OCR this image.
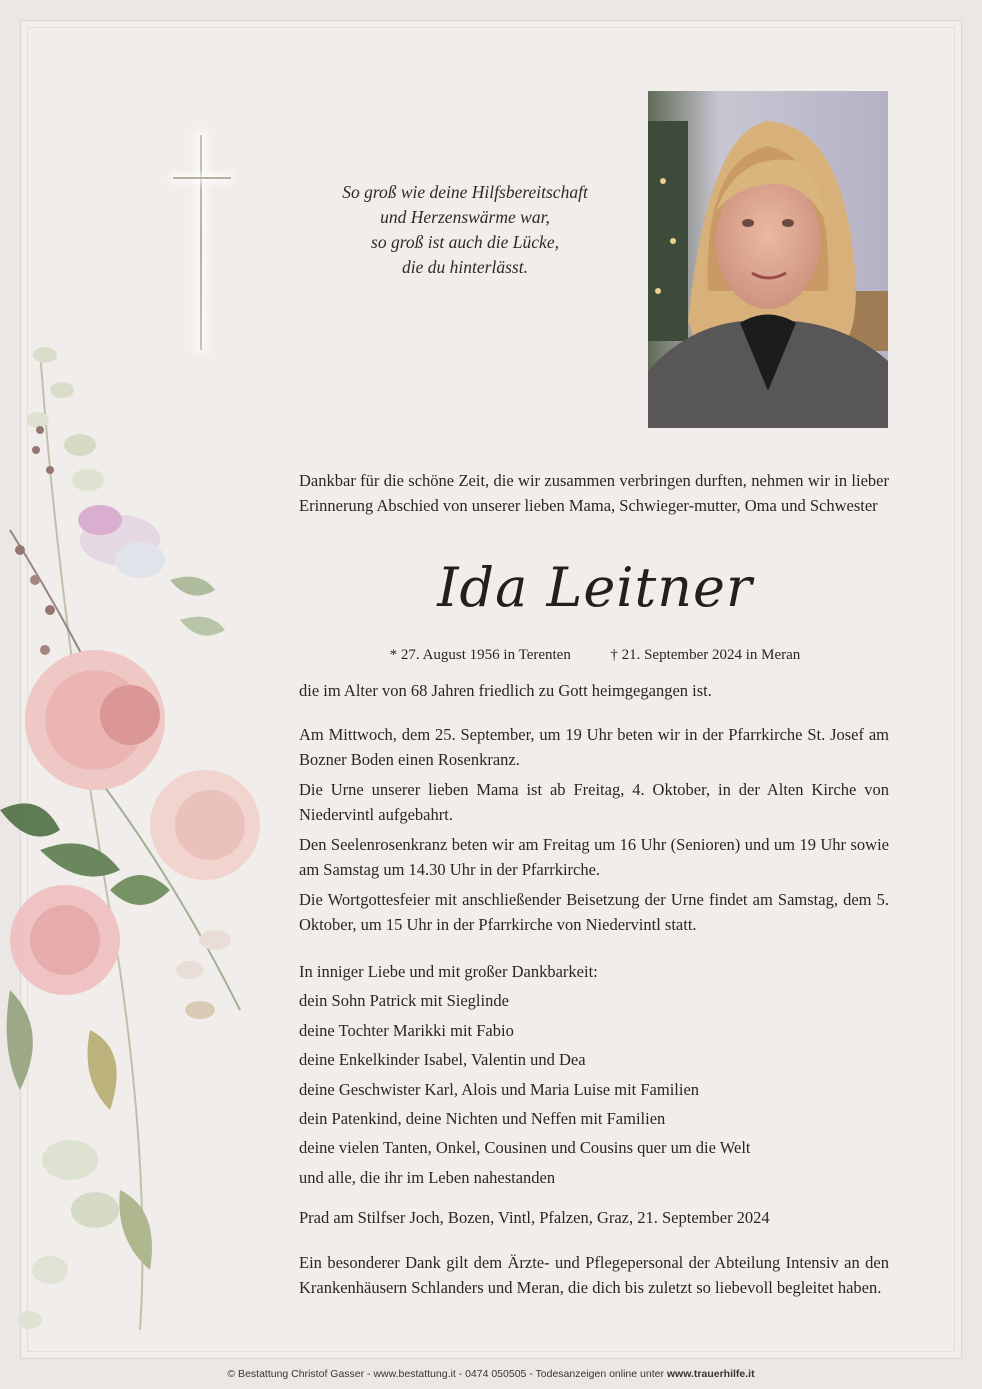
So groß wie deine Hilfsbereitschaft
und Herzenswärme war,
so groß ist auch die Lücke,
die du hinterlässt.

Dankbar für die schöne Zeit, die wir zusammen verbringen durften, nehmen wir in lieber Erinnerung Abschied von unserer lieben Mama, Schwieger-mutter, Oma und Schwester

Ida Leitner
* 27. August 1956 in Terenten	† 21. September 2024 in Meran

die im Alter von 68 Jahren friedlich zu Gott heimgegangen ist.

Am Mittwoch, dem 25. September, um 19 Uhr beten wir in der Pfarrkirche St. Josef am Bozner Boden einen Rosenkranz.

Die Urne unserer lieben Mama ist ab Freitag, 4. Oktober, in der Alten Kirche von Niedervintl aufgebahrt.

Den Seelenrosenkranz beten wir am Freitag um 16 Uhr (Senioren) und um 19 Uhr sowie am Samstag um 14.30 Uhr in der Pfarrkirche.

Die Wortgottesfeier mit anschließender Beisetzung der Urne findet am Samstag, dem 5. Oktober, um 15 Uhr in der Pfarrkirche von Niedervintl statt.

In inniger Liebe und mit großer Dankbarkeit:
dein Sohn Patrick mit Sieglinde
deine Tochter Marikki mit Fabio
deine Enkelkinder Isabel, Valentin und Dea
deine Geschwister Karl, Alois und Maria Luise mit Familien
dein Patenkind, deine Nichten und Neffen mit Familien
deine vielen Tanten, Onkel, Cousinen und Cousins quer um die Welt
und alle, die ihr im Leben nahestanden

Prad am Stilfser Joch, Bozen, Vintl, Pfalzen, Graz, 21. September 2024

Ein besonderer Dank gilt dem Ärzte- und Pflegepersonal der Abteilung Intensiv an den Krankenhäusern Schlanders und Meran, die dich bis zuletzt so liebevoll begleitet haben.

© Bestattung Christof Gasser - www.bestattung.it - 0474 050505 - Todesanzeigen online unter www.trauerhilfe.it
